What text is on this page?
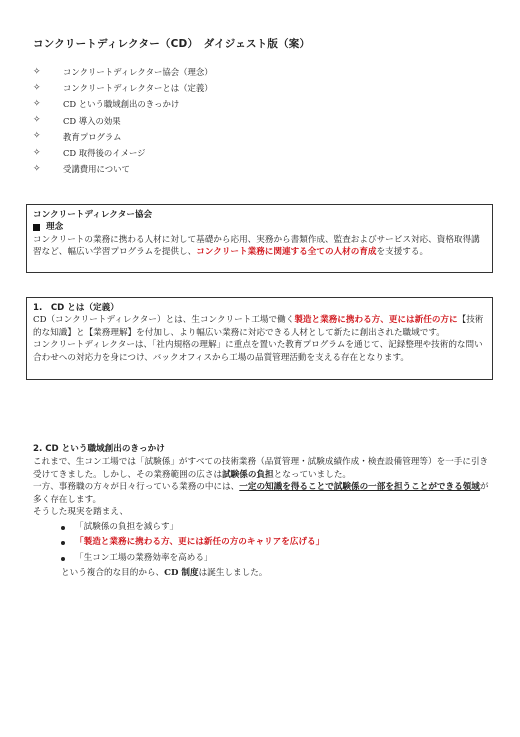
コンクリートディレクター（CD）　ダイジェスト版（案）
✧	コンクリートディレクター協会（理念）
✧	コンクリートディレクターとは（定義）
✧	CD という職域創出のきっかけ
✧	CD 導入の効果
✧	教育プログラム
✧	CD 取得後のイメージ
✧	受講費用について
コンクリートディレクター協会
理念

コンクリートの業務に携わる人材に対して基礎から応用、実務から書類作成、監査およびサービス対応、資格取得講習など、幅広い学習プログラムを提供し、コンクリート業務に関連する全ての人材の育成を支援する。

1.　CD とは（定義）

CD（コンクリートディレクター）とは、生コンクリート工場で働く製造と業務に携わる方、更には新任の方に【技術的な知識】と【業務理解】を付加し、より幅広い業務に対応できる人材として新たに創出された職域です。

コンクリートディレクターは、「社内規格の理解」に重点を置いた教育プログラムを通じて、記録整理や技術的な問い合わせへの対応力を身につけ、バックオフィスから工場の品質管理活動を支える存在となります。

2. CD という職域創出のきっかけ

これまで、生コン工場では「試験係」がすべての技術業務（品質管理・試験成績作成・検査設備管理等）を一手に引き受けてきました。しかし、その業務範囲の広さは試験係の負担となっていました。

一方、事務職の方々が日々行っている業務の中には、一定の知識を得ることで試験係の一部を担うことができる領域が多く存在します。

そうした現実を踏まえ、

「試験係の負担を減らす」
「製造と業務に携わる方、更には新任の方のキャリアを広げる」
「生コン工場の業務効率を高める」

という複合的な目的から、CD 制度は誕生しました。
